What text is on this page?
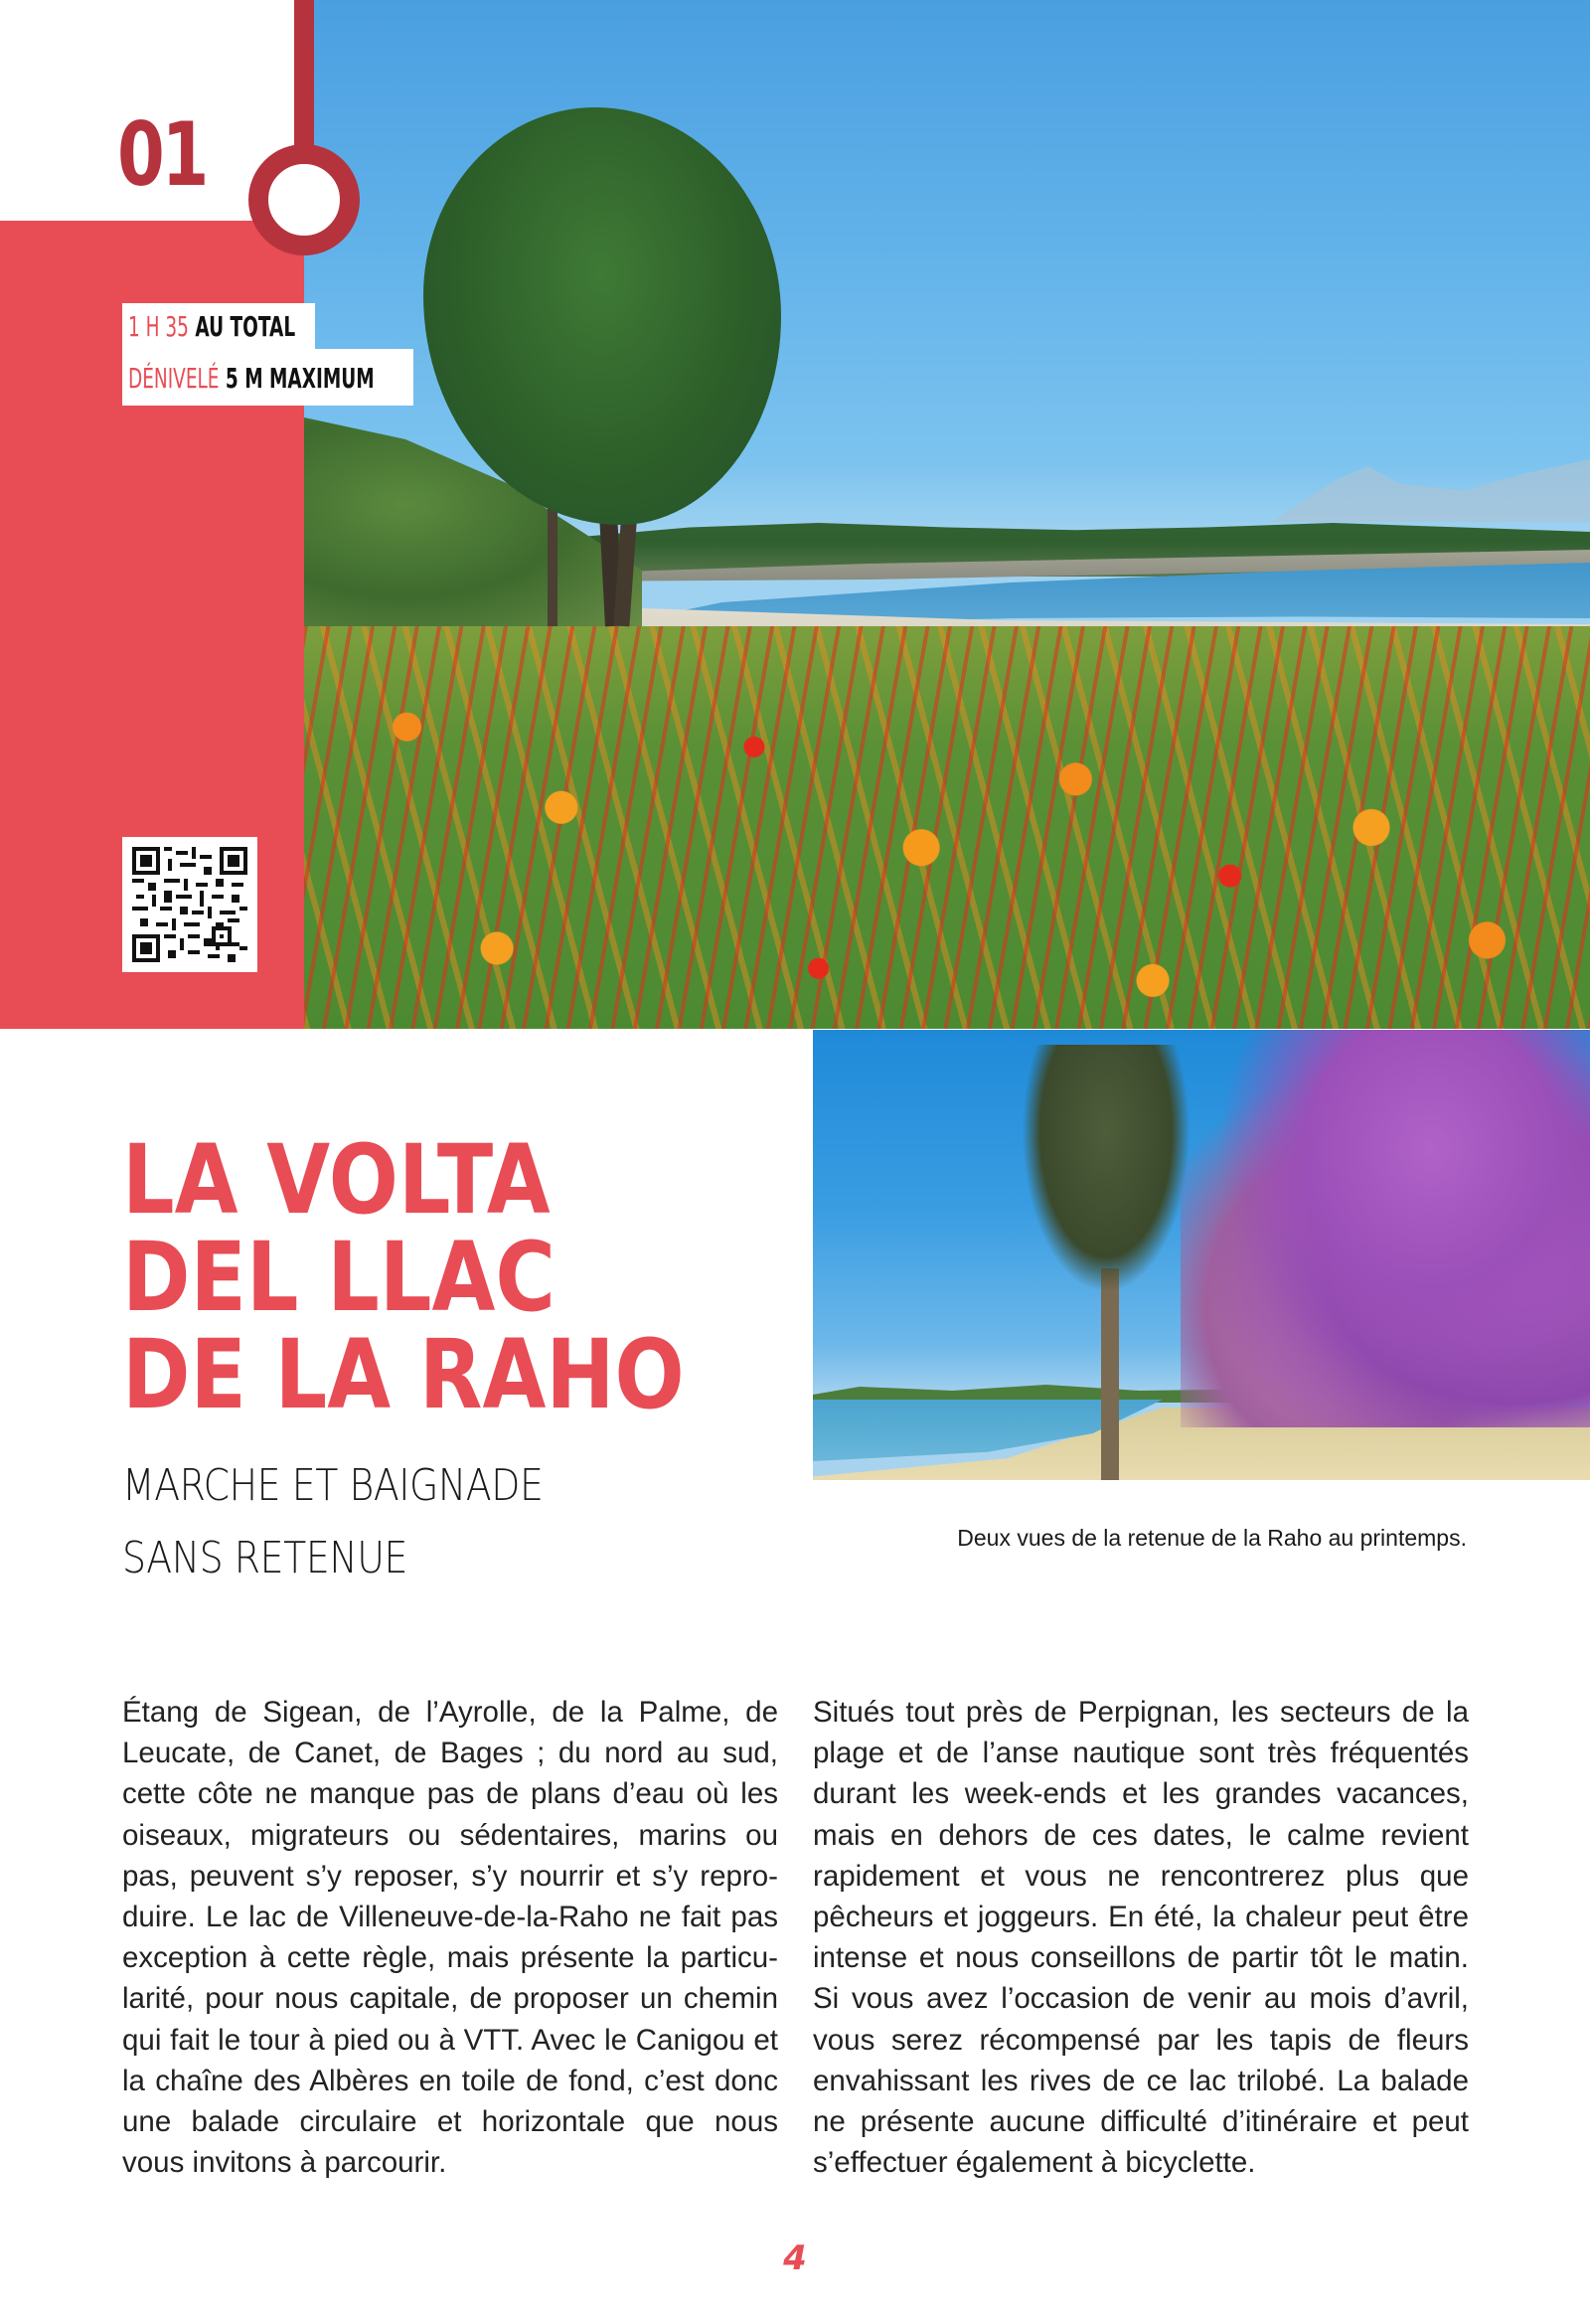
01
1 H 35 AU TOTAL
DÉNIVELÉ 5 M MAXIMUM
LA VOLTA
DEL LLAC
DE LA RAHO
MARCHE ET BAIGNADE
SANS RETENUE	Deux vues de la retenue de la Raho au printemps.
Étang de Sigean, de l’Ayrolle, de la Palme, de
Leucate, de Canet, de Bages ; du nord au sud,
cette côte ne manque pas de plans d’eau où les
oiseaux, migrateurs ou sédentaires, marins ou
pas, peuvent s’y reposer, s’y nourrir et s’y repro-
duire. Le lac de Villeneuve-de-la-Raho ne fait pas
exception à cette règle, mais présente la particu-
larité, pour nous capitale, de proposer un chemin
qui fait le tour à pied ou à VTT. Avec le Canigou et
la chaîne des Albères en toile de fond, c’est donc
une balade circulaire et horizontale que nous
vous invitons à parcourir.
Situés tout près de Perpignan, les secteurs de la
plage et de l’anse nautique sont très fréquentés
durant les week-ends et les grandes vacances,
mais en dehors de ces dates, le calme revient
rapidement et vous ne rencontrerez plus que
pêcheurs et joggeurs. En été, la chaleur peut être
intense et nous conseillons de partir tôt le matin.
Si vous avez l’occasion de venir au mois d’avril,
vous serez récompensé par les tapis de fleurs
envahissant les rives de ce lac trilobé. La balade
ne présente aucune difficulté d’itinéraire et peut
s’effectuer également à bicyclette.
4
